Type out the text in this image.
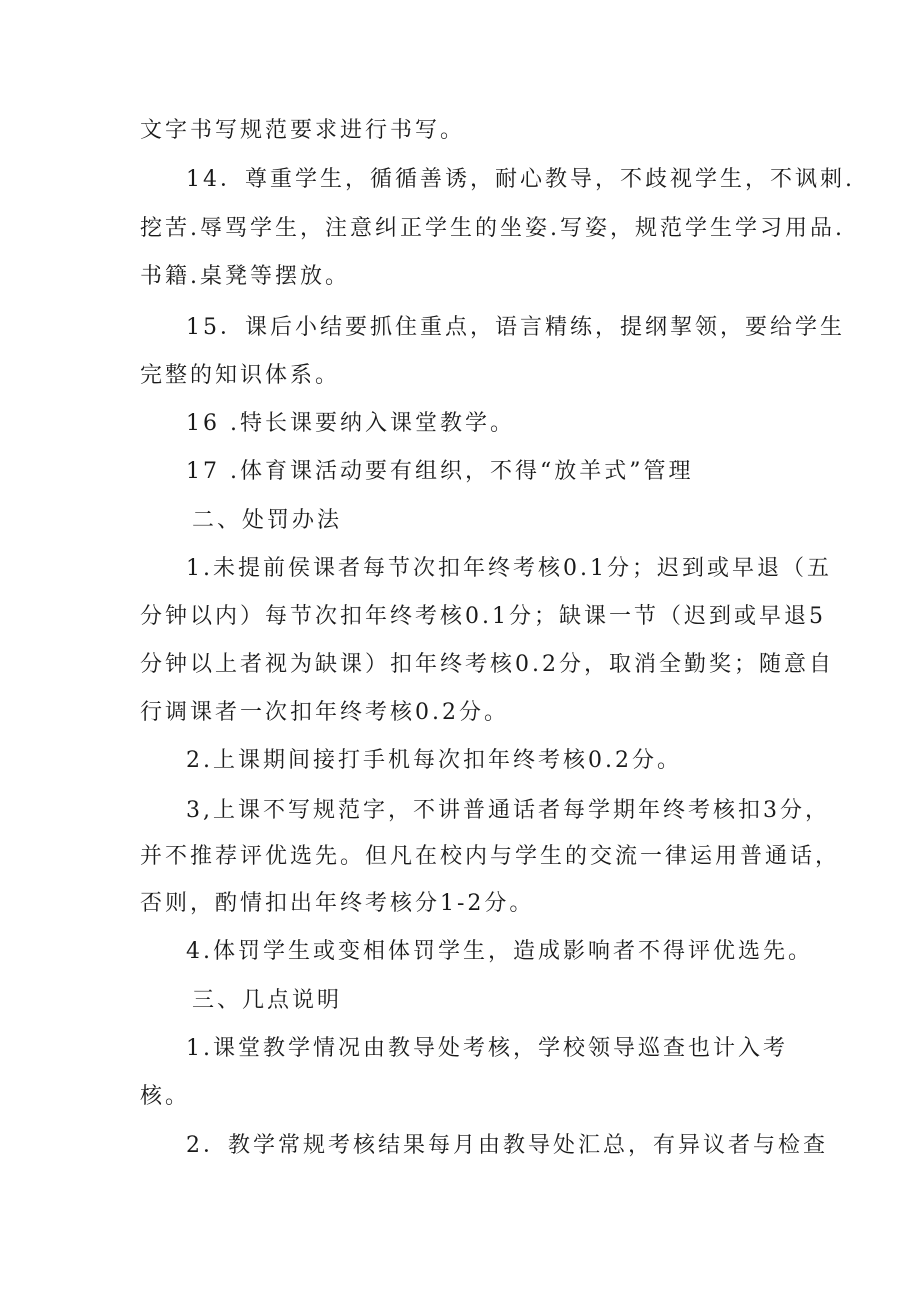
文字书写规范要求进行书写。
14．尊重学生，循循善诱，耐心教导，不歧视学生，不讽刺.
挖苦.辱骂学生，注意纠正学生的坐姿.写姿，规范学生学习用品.
书籍.桌凳等摆放。
15．课后小结要抓住重点，语言精练，提纲挈领，要给学生
完整的知识体系。
16 .特长课要纳入课堂教学。
17 .体育课活动要有组织，不得“放羊式”管理
二、处罚办法
1.未提前侯课者每节次扣年终考核0.1分；迟到或早退（五
分钟以内）每节次扣年终考核0.1分；缺课一节（迟到或早退5
分钟以上者视为缺课）扣年终考核0.2分，取消全勤奖；随意自
行调课者一次扣年终考核0.2分。
2.上课期间接打手机每次扣年终考核0.2分。
3,上课不写规范字，不讲普通话者每学期年终考核扣3分，
并不推荐评优选先。但凡在校内与学生的交流一律运用普通话，
否则，酌情扣出年终考核分1-2分。
4.体罚学生或变相体罚学生，造成影响者不得评优选先。
三、几点说明
1.课堂教学情况由教导处考核，学校领导巡查也计入考
核。
2．教学常规考核结果每月由教导处汇总，有异议者与检查
